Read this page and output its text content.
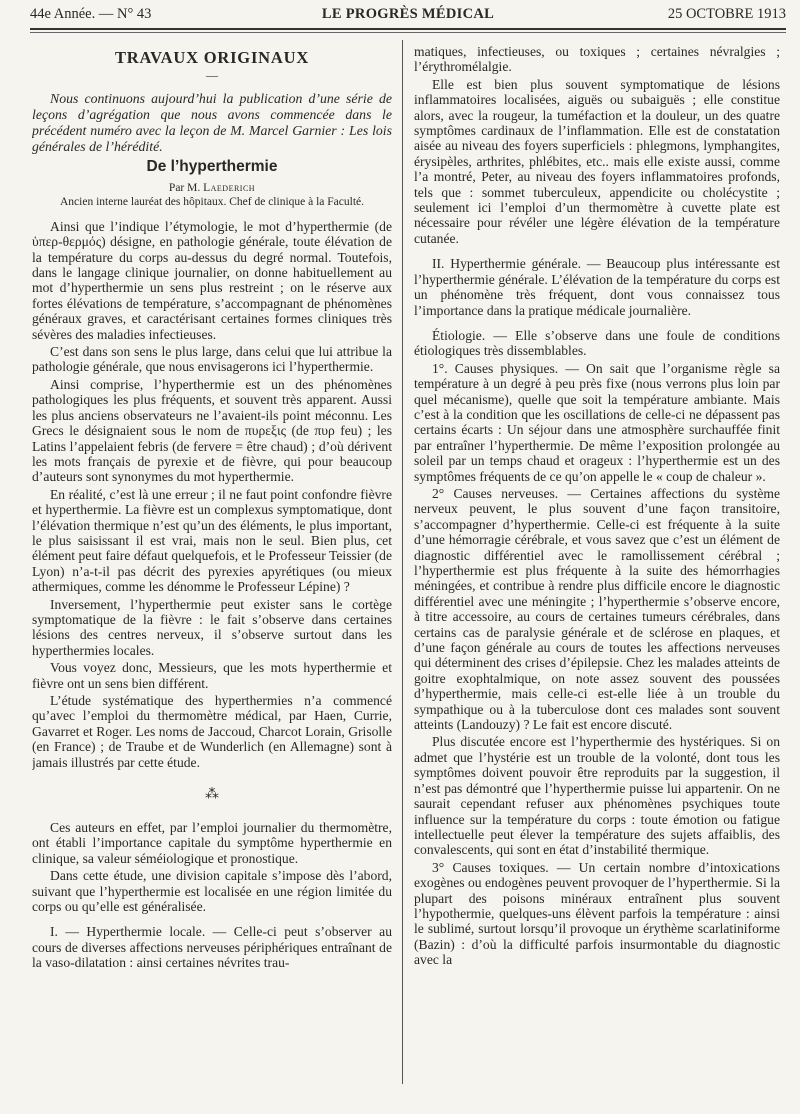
44e Année. — N° 43	LE PROGRÈS MÉDICAL	25 OCTOBRE 1913
TRAVAUX ORIGINAUX
—

Nous continuons aujourd’hui la publication d’une série de leçons d’agrégation que nous avons commencée dans le précédent numéro avec la leçon de M. Marcel Garnier : Les lois générales de l’hérédité.

De l’hyperthermie
Par M. Laederich
Ancien interne lauréat des hôpitaux. Chef de clinique à la Faculté.

Ainsi que l’indique l’étymologie, le mot d’hyperthermie (de ὑπερ-θερμός) désigne, en pathologie générale, toute élévation de la température du corps au-dessus du degré normal. Toutefois, dans le langage clinique journalier, on donne habituellement au mot d’hyperthermie un sens plus restreint ; on le réserve aux fortes élévations de température, s’accompagnant de phénomènes généraux graves, et caractérisant certaines formes cliniques très sévères des maladies infectieuses.

C’est dans son sens le plus large, dans celui que lui attribue la pathologie générale, que nous envisagerons ici l’hyperthermie.

Ainsi comprise, l’hyperthermie est un des phénomènes pathologiques les plus fréquents, et souvent très apparent. Aussi les plus anciens observateurs ne l’avaient-ils point méconnu. Les Grecs le désignaient sous le nom de πυρεξις (de πυρ feu) ; les Latins l’appelaient febris (de fervere = être chaud) ; d’où dérivent les mots français de pyrexie et de fièvre, qui pour beaucoup d’auteurs sont synonymes du mot hyperthermie.

En réalité, c’est là une erreur ; il ne faut point confondre fièvre et hyperthermie. La fièvre est un complexus symptomatique, dont l’élévation thermique n’est qu’un des éléments, le plus important, le plus saisissant il est vrai, mais non le seul. Bien plus, cet élément peut faire défaut quelquefois, et le Professeur Teissier (de Lyon) n’a-t-il pas décrit des pyrexies apyrétiques (ou mieux athermiques, comme les dénomme le Professeur Lépine) ?

Inversement, l’hyperthermie peut exister sans le cortège symptomatique de la fièvre : le fait s’observe dans certaines lésions des centres nerveux, il s’observe surtout dans les hyperthermies locales.

Vous voyez donc, Messieurs, que les mots hyperthermie et fièvre ont un sens bien différent.

L’étude systématique des hyperthermies n’a commencé qu’avec l’emploi du thermomètre médical, par Haen, Currie, Gavarret et Roger. Les noms de Jaccoud, Charcot Lorain, Grisolle (en France) ; de Traube et de Wunderlich (en Allemagne) sont à jamais illustrés par cette étude.

⁂

Ces auteurs en effet, par l’emploi journalier du thermomètre, ont établi l’importance capitale du symptôme hyperthermie en clinique, sa valeur séméiologique et pronostique.

Dans cette étude, une division capitale s’impose dès l’abord, suivant que l’hyperthermie est localisée en une région limitée du corps ou qu’elle est généralisée.

I. — Hyperthermie locale. — Celle-ci peut s’observer au cours de diverses affections nerveuses périphériques entraînant de la vaso-dilatation : ainsi certaines névrites trau-

matiques, infectieuses, ou toxiques ; certaines névralgies ; l’érythromélalgie.

Elle est bien plus souvent symptomatique de lésions inflammatoires localisées, aiguës ou subaiguës ; elle constitue alors, avec la rougeur, la tuméfaction et la douleur, un des quatre symptômes cardinaux de l’inflammation. Elle est de constatation aisée au niveau des foyers superficiels : phlegmons, lymphangites, érysipèles, arthrites, phlébites, etc.. mais elle existe aussi, comme l’a montré, Peter, au niveau des foyers inflammatoires profonds, tels que : sommet tuberculeux, appendicite ou cholécystite ; seulement ici l’emploi d’un thermomètre à cuvette plate est nécessaire pour révéler une légère élévation de la température cutanée.

II. Hyperthermie générale. — Beaucoup plus intéressante est l’hyperthermie générale. L’élévation de la température du corps est un phénomène très fréquent, dont vous connaissez tous l’importance dans la pratique médicale journalière.

Étiologie. — Elle s’observe dans une foule de conditions étiologiques très dissemblables.

1°. Causes physiques. — On sait que l’organisme règle sa température à un degré à peu près fixe (nous verrons plus loin par quel mécanisme), quelle que soit la température ambiante. Mais c’est à la condition que les oscillations de celle-ci ne dépassent pas certains écarts : Un séjour dans une atmosphère surchauffée finit par entraîner l’hyperthermie. De même l’exposition prolongée au soleil par un temps chaud et orageux : l’hyperthermie est un des symptômes fréquents de ce qu’on appelle le « coup de chaleur ».

2° Causes nerveuses. — Certaines affections du système nerveux peuvent, le plus souvent d’une façon transitoire, s’accompagner d’hyperthermie. Celle-ci est fréquente à la suite d’une hémorragie cérébrale, et vous savez que c’est un élément de diagnostic différentiel avec le ramollissement cérébral ; l’hyperthermie est plus fréquente à la suite des hémorrhagies méningées, et contribue à rendre plus difficile encore le diagnostic différentiel avec une méningite ; l’hyperthermie s’observe encore, à titre accessoire, au cours de certaines tumeurs cérébrales, dans certains cas de paralysie générale et de sclérose en plaques, et d’une façon générale au cours de toutes les affections nerveuses qui déterminent des crises d’épilepsie. Chez les malades atteints de goitre exophtalmique, on note assez souvent des poussées d’hyperthermie, mais celle-ci est-elle liée à un trouble du sympathique ou à la tuberculose dont ces malades sont souvent atteints (Landouzy) ? Le fait est encore discuté.

Plus discutée encore est l’hyperthermie des hystériques. Si on admet que l’hystérie est un trouble de la volonté, dont tous les symptômes doivent pouvoir être reproduits par la suggestion, il n’est pas démontré que l’hyperthermie puisse lui appartenir. On ne saurait cependant refuser aux phénomènes psychiques toute influence sur la température du corps : toute émotion ou fatigue intellectuelle peut élever la température des sujets affaiblis, des convalescents, qui sont en état d’instabilité thermique.

3° Causes toxiques. — Un certain nombre d’intoxications exogènes ou endogènes peuvent provoquer de l’hyperthermie. Si la plupart des poisons minéraux entraînent plus souvent l’hypothermie, quelques-uns élèvent parfois la température : ainsi le sublimé, surtout lorsqu’il provoque un érythème scarlatiniforme (Bazin) : d’où la difficulté parfois insurmontable du diagnostic avec la
